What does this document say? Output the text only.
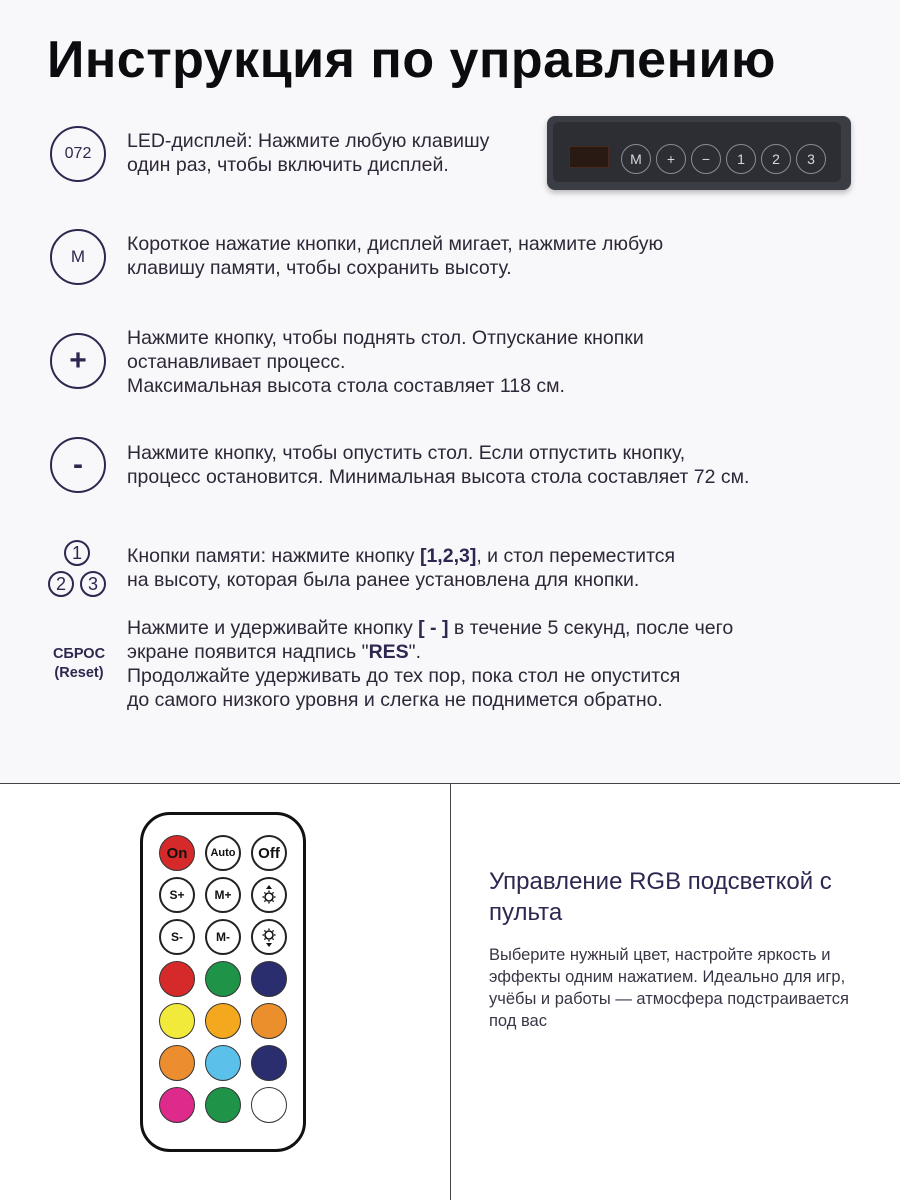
Инструкция по управлению
072
LED-дисплей: Нажмите любую клавишу
один раз, чтобы включить дисплей.	M	+	−	1	2	3
M
Короткое нажатие кнопки, дисплей мигает, нажмите любую
клавишу памяти, чтобы сохранить высоту.
+
Нажмите кнопку, чтобы поднять стол. Отпускание кнопки
останавливает процесс.
Максимальная высота стола составляет 118 см.
- Нажмите кнопку, чтобы опустить стол. Если отпустить кнопку,
процесс остановится. Минимальная высота стола составляет 72 см.
1
2	3
Кнопки памяти: нажмите кнопку [1,2,3], и стол переместится
на высоту, которая была ранее установлена для кнопки.
СБРОС
(Reset)
Нажмите и удерживайте кнопку [ - ] в течение 5 секунд, после чего
экране появится надпись "RES".
Продолжайте удерживать до тех пор, пока стол не опустится
до самого низкого уровня и слегка не поднимется обратно.
On	Auto	Off
S+	M+
S-	M-
Управление RGB подсветкой с пульта
Выберите нужный цвет, настройте яркость и эффекты одним нажатием. Идеально для игр, учёбы и работы — атмосфера подстраивается под вас
